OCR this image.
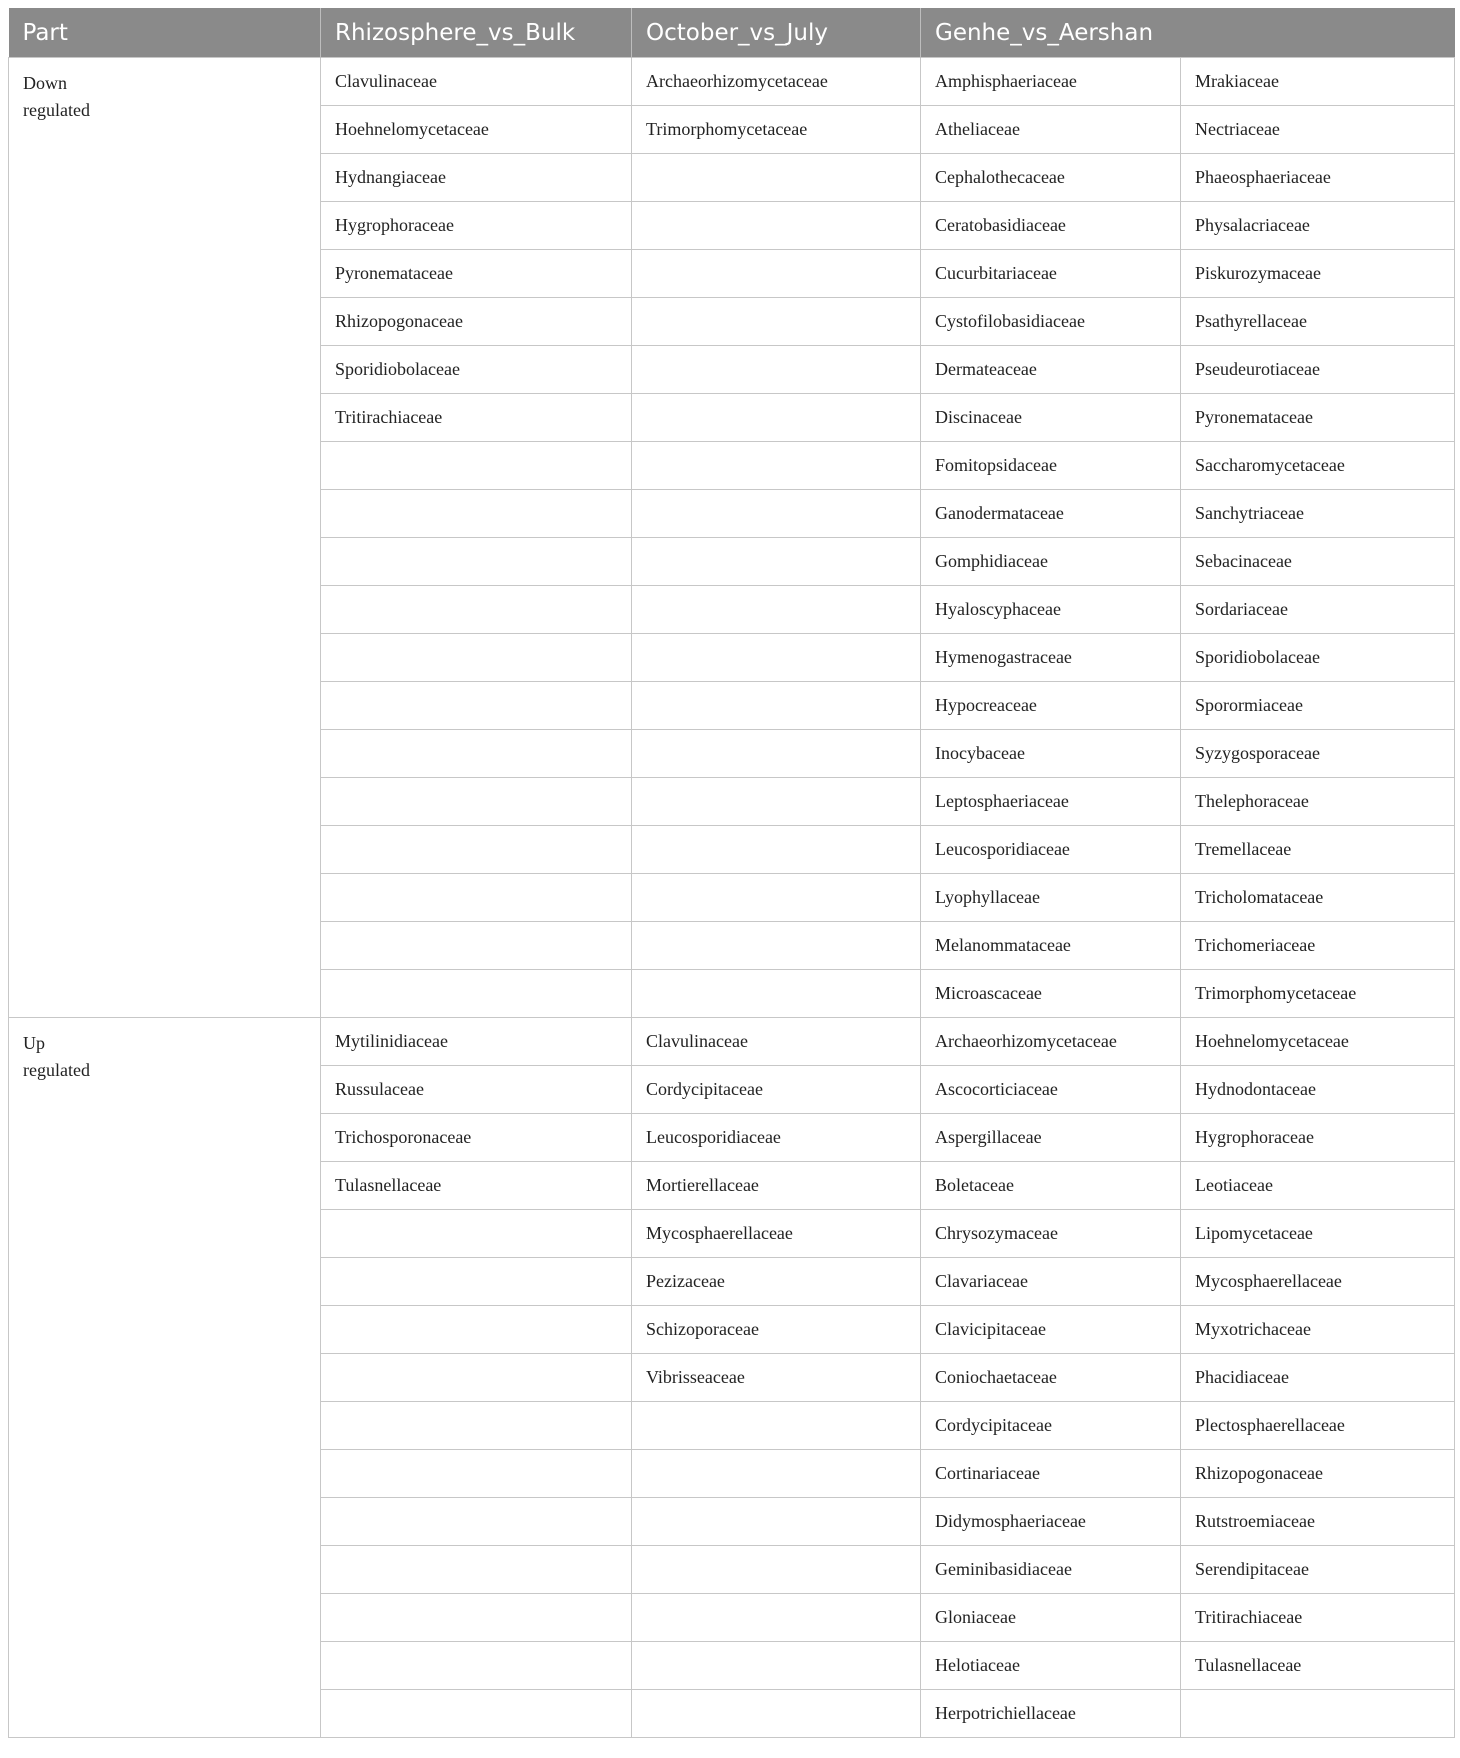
Part	Rhizosphere_vs_Bulk	October_vs_July	Genhe_vs_Aershan	

Down
regulated	Clavulinaceae	Archaeorhizomycetaceae	Amphisphaeriaceae	Mrakiaceae
	Hoehnelomycetaceae	Trimorphomycetaceae	Atheliaceae	Nectriaceae
	Hydnangiaceae		Cephalothecaceae	Phaeosphaeriaceae
	Hygrophoraceae		Ceratobasidiaceae	Physalacriaceae
	Pyronemataceae		Cucurbitariaceae	Piskurozymaceae
	Rhizopogonaceae		Cystofilobasidiaceae	Psathyrellaceae
	Sporidiobolaceae		Dermateaceae	Pseudeurotiaceae
	Tritirachiaceae		Discinaceae	Pyronemataceae
			Fomitopsidaceae	Saccharomycetaceae
			Ganodermataceae	Sanchytriaceae
			Gomphidiaceae	Sebacinaceae
			Hyaloscyphaceae	Sordariaceae
			Hymenogastraceae	Sporidiobolaceae
			Hypocreaceae	Sporormiaceae
			Inocybaceae	Syzygosporaceae
			Leptosphaeriaceae	Thelephoraceae
			Leucosporidiaceae	Tremellaceae
			Lyophyllaceae	Tricholomataceae
			Melanommataceae	Trichomeriaceae
			Microascaceae	Trimorphomycetaceae

Up
regulated	Mytilinidiaceae	Clavulinaceae	Archaeorhizomycetaceae	Hoehnelomycetaceae
	Russulaceae	Cordycipitaceae	Ascocorticiaceae	Hydnodontaceae
	Trichosporonaceae	Leucosporidiaceae	Aspergillaceae	Hygrophoraceae
	Tulasnellaceae	Mortierellaceae	Boletaceae	Leotiaceae
		Mycosphaerellaceae	Chrysozymaceae	Lipomycetaceae
		Pezizaceae	Clavariaceae	Mycosphaerellaceae
		Schizoporaceae	Clavicipitaceae	Myxotrichaceae
		Vibrisseaceae	Coniochaetaceae	Phacidiaceae
			Cordycipitaceae	Plectosphaerellaceae
			Cortinariaceae	Rhizopogonaceae
			Didymosphaeriaceae	Rutstroemiaceae
			Geminibasidiaceae	Serendipitaceae
			Gloniaceae	Tritirachiaceae
			Helotiaceae	Tulasnellaceae
			Herpotrichiellaceae	
